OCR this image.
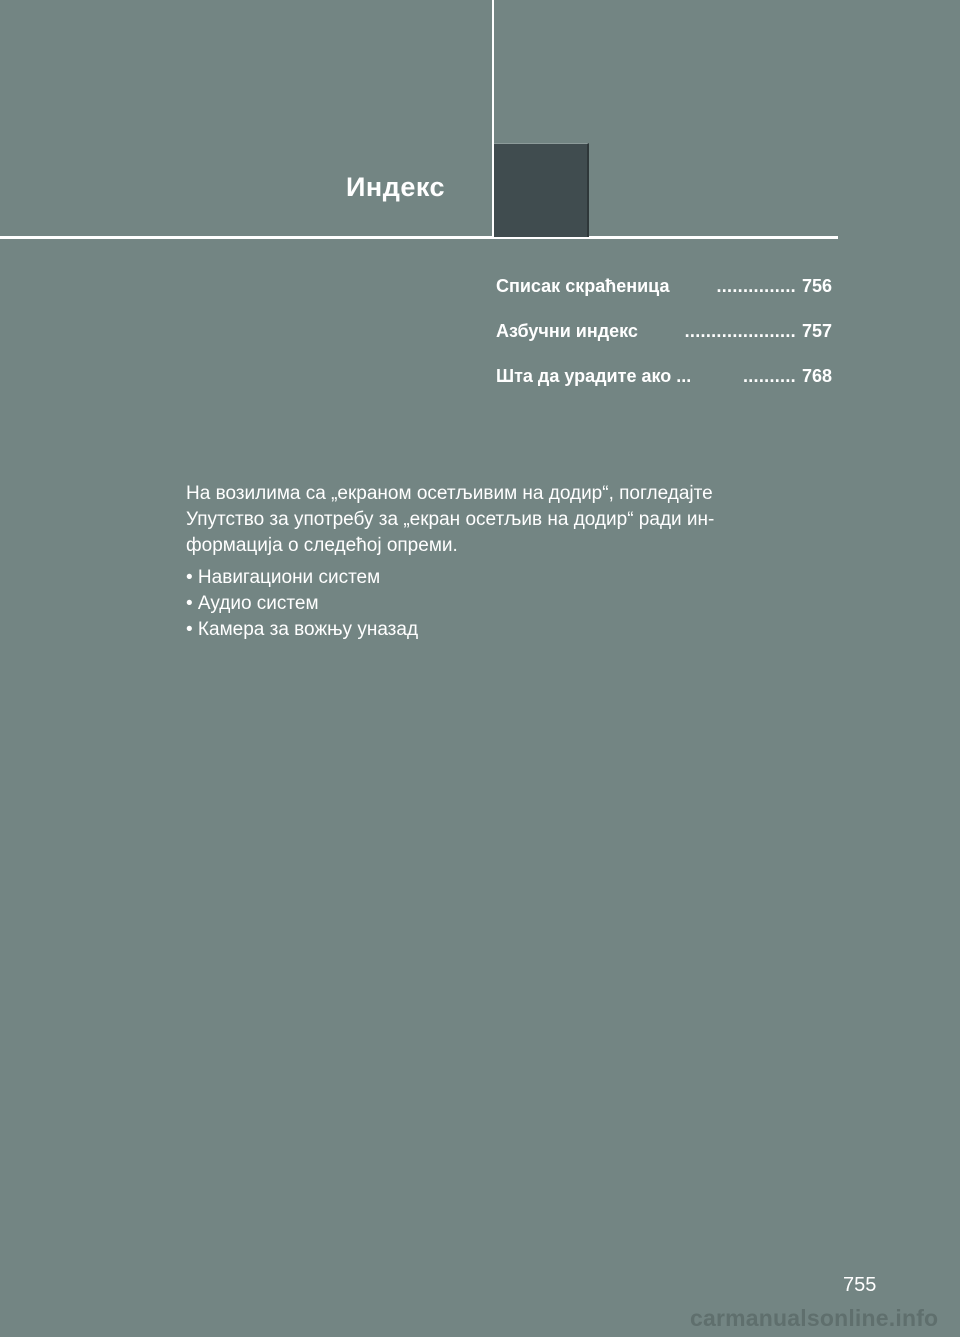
Индекс
Списак скраћеница	............... 756
Азбучни индекс	..................... 757
Шта да урадите ако ...	.......... 768

На возилима са „екраном осетљивим на додир“, погледајте
Упутство за употребу за „екран осетљив на додир“ ради ин-
формација о следећој опреми.

• Навигациони систем
• Аудио систем
• Камера за вожњу уназад
755
carmanualsonline.info
